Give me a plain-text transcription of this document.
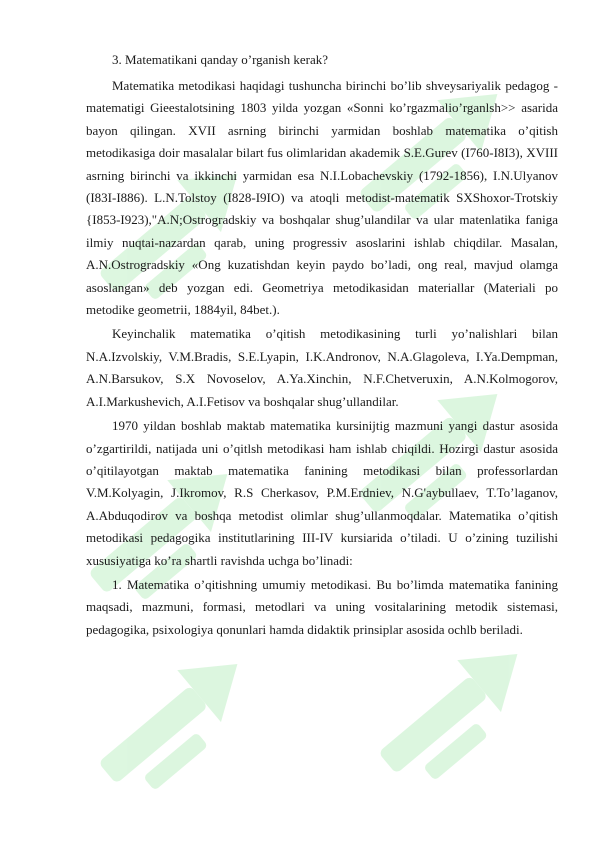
3. Matematikani qanday o’rganish kerak?

Matematika metodikasi haqidagi tushuncha birinchi bo’lib shveysariyalik pedagog - matematigi Gieestalotsining 1803 yilda yozgan «Sonni ko’rgazmalio’rganlsh>> asarida bayon qilingan. XVII asrning birinchi yarmidan boshlab matematika o’qitish metodikasiga doir masalalar bilart fus olimlaridan akademik S.E.Gurev (I760-I8I3), XVIII asrning birinchi va ikkinchi yarmidan esa N.I.Lobachevskiy (1792-1856), I.N.Ulyanov (I83I-I886). L.N.Tolstoy (I828-I9IO) va atoqli metodist-matematik SXShoxor-Trotskiy {I853-I923),"A.N;Ostrogradskiy va boshqalar shug’ulandilar va ular matenlatika faniga ilmiy nuqtai-nazardan qarab, uning progressiv asoslarini ishlab chiqdilar. Masalan, A.N.Ostrogradskiy «Ong kuzatishdan keyin paydo bo’ladi, ong real, mavjud olamga asoslangan» deb yozgan edi. Geometriya metodikasidan materiallar (Materiali po metodike geometrii, 1884yil, 84bet.).

Keyinchalik matematika o’qitish metodikasining turli yo’nalishlari bilan N.A.Izvolskiy, V.M.Bradis, S.E.Lyapin, I.K.Andronov, N.A.Glagoleva, I.Ya.Dempman, A.N.Barsukov, S.X Novoselov, A.Ya.Xinchin, N.F.Chetveruxin, A.N.Kolmogorov, A.I.Markushevich, A.I.Fetisov va boshqalar shug’ullandilar.

1970 yildan boshlab maktab matematika kursinijtig mazmuni yangi dastur asosida o’zgartirildi, natijada uni o’qitlsh metodikasi ham ishlab chiqildi. Hozirgi dastur asosida o’qitilayotgan maktab matematika fanining metodikasi bilan professorlardan V.M.Kolyagin, J.Ikromov, R.S Cherkasov, P.M.Erdniev, N.G'aybullaev, T.To’laganov, A.Abduqodirov va boshqa metodist olimlar shug’ullanmoqdalar. Matematika o’qitish metodikasi pedagogika institutlarining III-IV kursiarida o’tiladi. U o’zining tuzilishi xususiyatiga ko’ra shartli ravishda uchga bo’linadi:

1. Matematika o’qitishning umumiy metodikasi. Bu bo’limda matematika fanining maqsadi, mazmuni, formasi, metodlari va uning vositalarining metodik sistemasi, pedagogika, psixologiya qonunlari hamda didaktik prinsiplar asosida ochlb beriladi.
